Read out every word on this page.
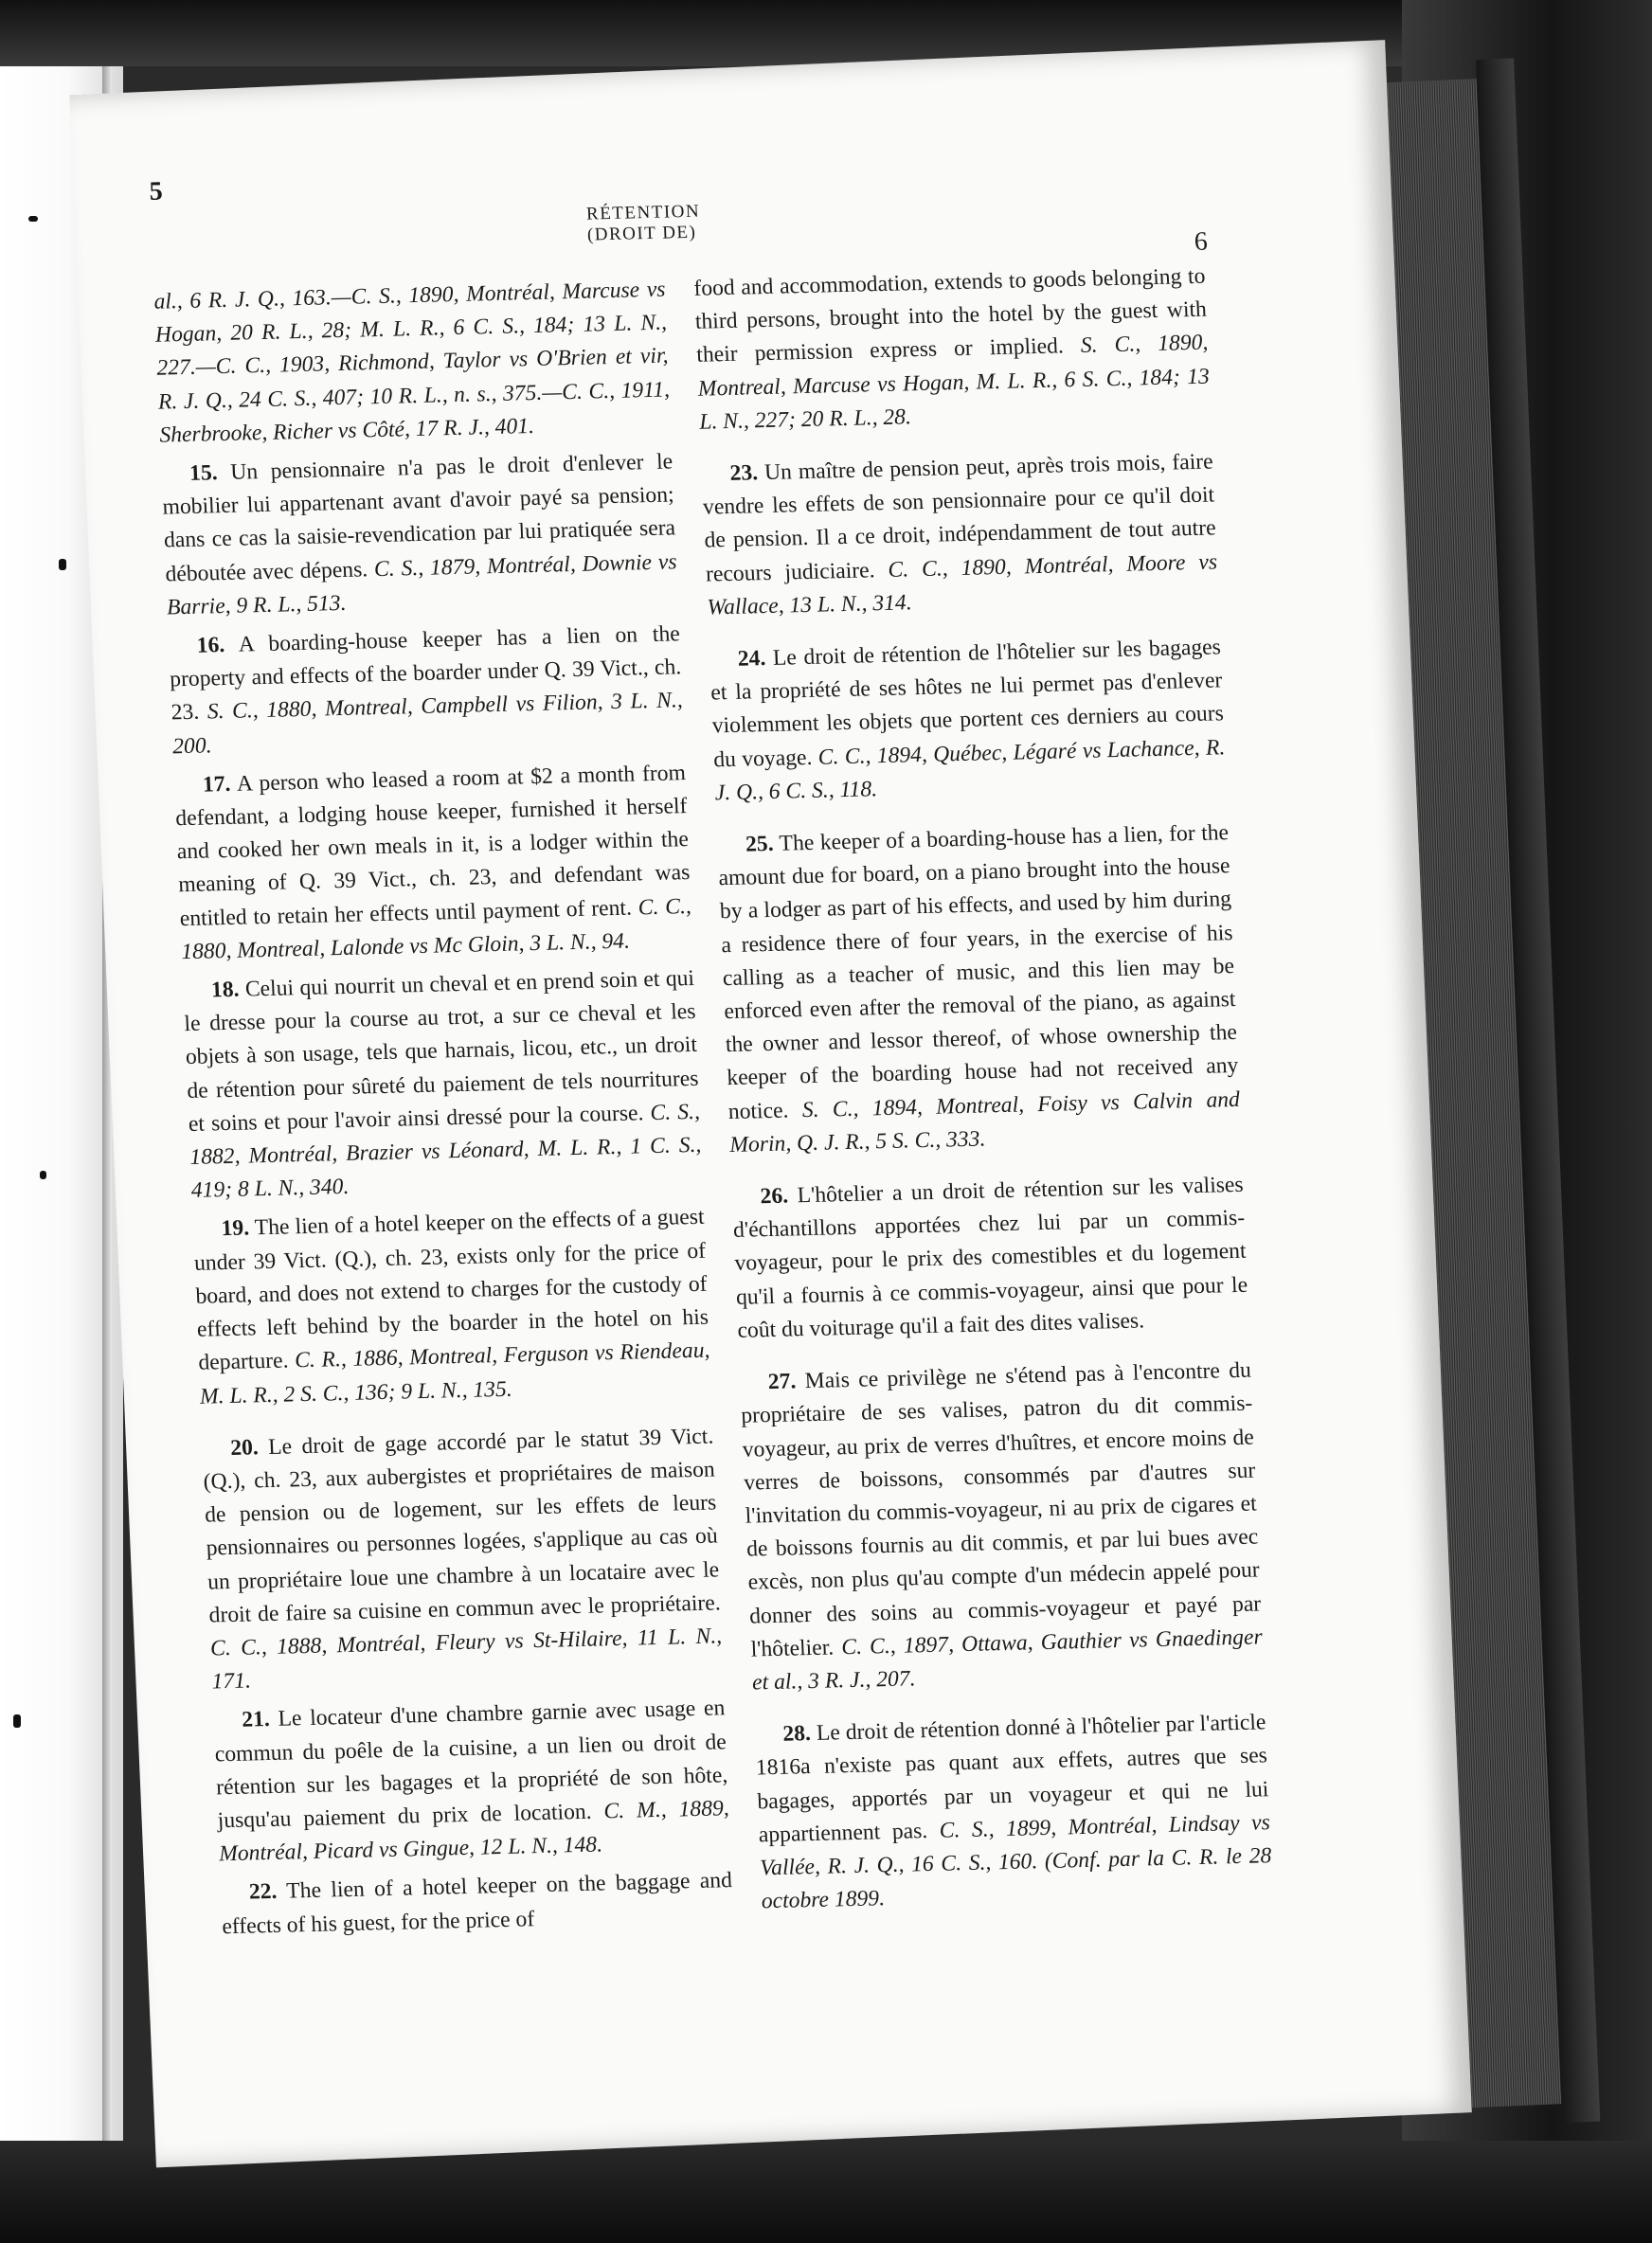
5
RÉTENTION (DROIT DE)	6

al., 6 R. J. Q., 163.—C. S., 1890, Montréal, Marcuse vs Hogan, 20 R. L., 28; M. L. R., 6 C. S., 184; 13 L. N., 227.—C. C., 1903, Richmond, Taylor vs O'Brien et vir, R. J. Q., 24 C. S., 407; 10 R. L., n. s., 375.—C. C., 1911, Sherbrooke, Richer vs Côté, 17 R. J., 401.

15. Un pensionnaire n'a pas le droit d'enlever le mobilier lui appartenant avant d'avoir payé sa pension; dans ce cas la saisie-revendication par lui pratiquée sera déboutée avec dépens. C. S., 1879, Montréal, Downie vs Barrie, 9 R. L., 513.

16. A boarding-house keeper has a lien on the property and effects of the boarder under Q. 39 Vict., ch. 23. S. C., 1880, Montreal, Campbell vs Filion, 3 L. N., 200.

17. A person who leased a room at $2 a month from defendant, a lodging house keeper, furnished it herself and cooked her own meals in it, is a lodger within the meaning of Q. 39 Vict., ch. 23, and defendant was entitled to retain her effects until payment of rent. C. C., 1880, Montreal, Lalonde vs Mc Gloin, 3 L. N., 94.

18. Celui qui nourrit un cheval et en prend soin et qui le dresse pour la course au trot, a sur ce cheval et les objets à son usage, tels que harnais, licou, etc., un droit de rétention pour sûreté du paiement de tels nourritures et soins et pour l'avoir ainsi dressé pour la course. C. S., 1882, Montréal, Brazier vs Léonard, M. L. R., 1 C. S., 419; 8 L. N., 340.

19. The lien of a hotel keeper on the effects of a guest under 39 Vict. (Q.), ch. 23, exists only for the price of board, and does not extend to charges for the custody of effects left behind by the boarder in the hotel on his departure. C. R., 1886, Montreal, Ferguson vs Riendeau, M. L. R., 2 S. C., 136; 9 L. N., 135.

20. Le droit de gage accordé par le statut 39 Vict. (Q.), ch. 23, aux aubergistes et propriétaires de maison de pension ou de logement, sur les effets de leurs pensionnaires ou personnes logées, s'applique au cas où un propriétaire loue une chambre à un locataire avec le droit de faire sa cuisine en commun avec le propriétaire. C. C., 1888, Montréal, Fleury vs St-Hilaire, 11 L. N., 171.

21. Le locateur d'une chambre garnie avec usage en commun du poêle de la cuisine, a un lien ou droit de rétention sur les bagages et la propriété de son hôte, jusqu'au paiement du prix de location. C. M., 1889, Montréal, Picard vs Gingue, 12 L. N., 148.

22. The lien of a hotel keeper on the baggage and effects of his guest, for the price of

food and accommodation, extends to goods belonging to third persons, brought into the hotel by the guest with their permission express or implied. S. C., 1890, Montreal, Marcuse vs Hogan, M. L. R., 6 S. C., 184; 13 L. N., 227; 20 R. L., 28.

23. Un maître de pension peut, après trois mois, faire vendre les effets de son pensionnaire pour ce qu'il doit de pension. Il a ce droit, indépendamment de tout autre recours judiciaire. C. C., 1890, Montréal, Moore vs Wallace, 13 L. N., 314.

24. Le droit de rétention de l'hôtelier sur les bagages et la propriété de ses hôtes ne lui permet pas d'enlever violemment les objets que portent ces derniers au cours du voyage. C. C., 1894, Québec, Légaré vs Lachance, R. J. Q., 6 C. S., 118.

25. The keeper of a boarding-house has a lien, for the amount due for board, on a piano brought into the house by a lodger as part of his effects, and used by him during a residence there of four years, in the exercise of his calling as a teacher of music, and this lien may be enforced even after the removal of the piano, as against the owner and lessor thereof, of whose ownership the keeper of the boarding house had not received any notice. S. C., 1894, Montreal, Foisy vs Calvin and Morin, Q. J. R., 5 S. C., 333.

26. L'hôtelier a un droit de rétention sur les valises d'échantillons apportées chez lui par un commis-voyageur, pour le prix des comestibles et du logement qu'il a fournis à ce commis-voyageur, ainsi que pour le coût du voiturage qu'il a fait des dites valises.

27. Mais ce privilège ne s'étend pas à l'encontre du propriétaire de ses valises, patron du dit commis-voyageur, au prix de verres d'huîtres, et encore moins de verres de boissons, consommés par d'autres sur l'invitation du commis-voyageur, ni au prix de cigares et de boissons fournis au dit commis, et par lui bues avec excès, non plus qu'au compte d'un médecin appelé pour donner des soins au commis-voyageur et payé par l'hôtelier. C. C., 1897, Ottawa, Gauthier vs Gnaedinger et al., 3 R. J., 207.

28. Le droit de rétention donné à l'hôtelier par l'article 1816a n'existe pas quant aux effets, autres que ses bagages, apportés par un voyageur et qui ne lui appartiennent pas. C. S., 1899, Montréal, Lindsay vs Vallée, R. J. Q., 16 C. S., 160. (Conf. par la C. R. le 28 octobre 1899.
